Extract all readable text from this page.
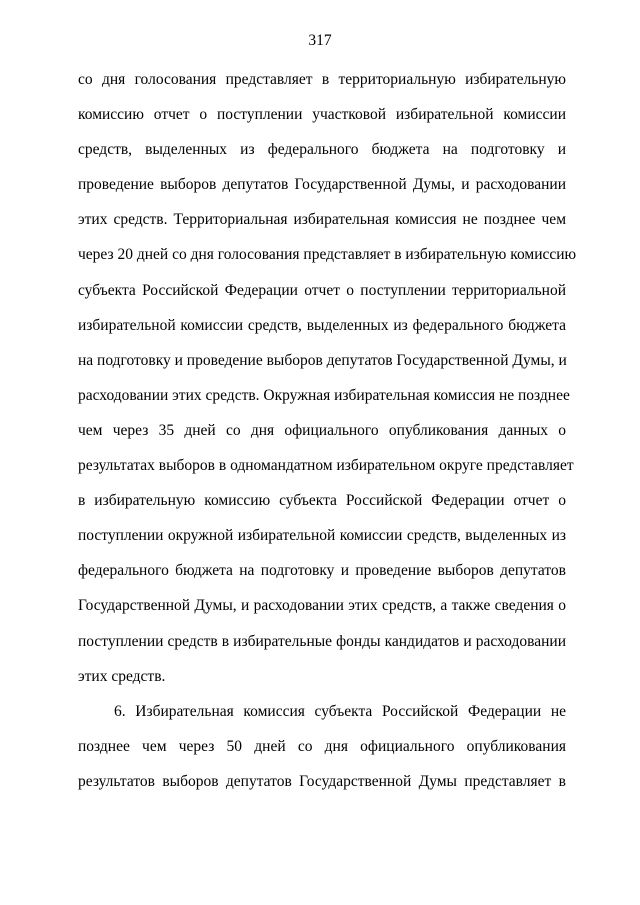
317
со дня голосования представляет в территориальную избирательную
комиссию отчет о поступлении участковой избирательной комиссии
средств, выделенных из федерального бюджета на подготовку и
проведение выборов депутатов Государственной Думы, и расходовании
этих средств. Территориальная избирательная комиссия не позднее чем
через 20 дней со дня голосования представляет в избирательную комиссию
субъекта Российской Федерации отчет о поступлении территориальной
избирательной комиссии средств, выделенных из федерального бюджета
на подготовку и проведение выборов депутатов Государственной Думы, и
расходовании этих средств. Окружная избирательная комиссия не позднее
чем через 35 дней со дня официального опубликования данных о
результатах выборов в одномандатном избирательном округе представляет
в избирательную комиссию субъекта Российской Федерации отчет о
поступлении окружной избирательной комиссии средств, выделенных из
федерального бюджета на подготовку и проведение выборов депутатов
Государственной Думы, и расходовании этих средств, а также сведения о
поступлении средств в избирательные фонды кандидатов и расходовании
этих средств.
6. Избирательная комиссия субъекта Российской Федерации не
позднее чем через 50 дней со дня официального опубликования
результатов выборов депутатов Государственной Думы представляет в
